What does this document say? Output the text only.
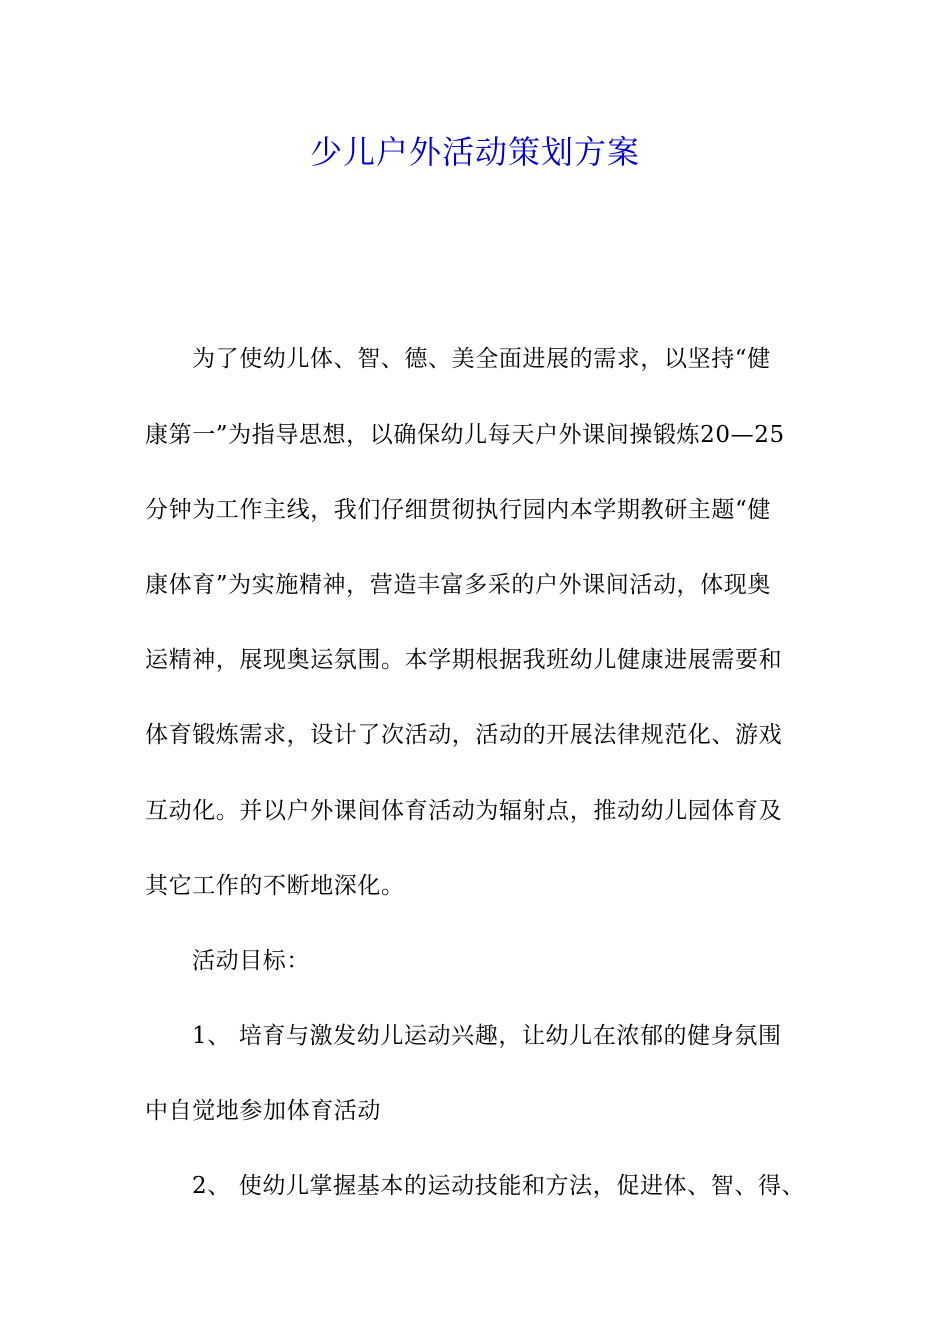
少儿户外活动策划方案
为了使幼儿体、智、德、美全面进展的需求，以坚持“健
康第一”为指导思想，以确保幼儿每天户外课间操锻炼20—25
分钟为工作主线，我们仔细贯彻执行园内本学期教研主题“健
康体育”为实施精神，营造丰富多采的户外课间活动，体现奥
运精神，展现奥运氛围。本学期根据我班幼儿健康进展需要和
体育锻炼需求，设计了次活动，活动的开展法律规范化、游戏
互动化。并以户外课间体育活动为辐射点，推动幼儿园体育及
其它工作的不断地深化。
活动目标：
1、 培育与激发幼儿运动兴趣，让幼儿在浓郁的健身氛围
中自觉地参加体育活动
2、 使幼儿掌握基本的运动技能和方法，促进体、智、得、
